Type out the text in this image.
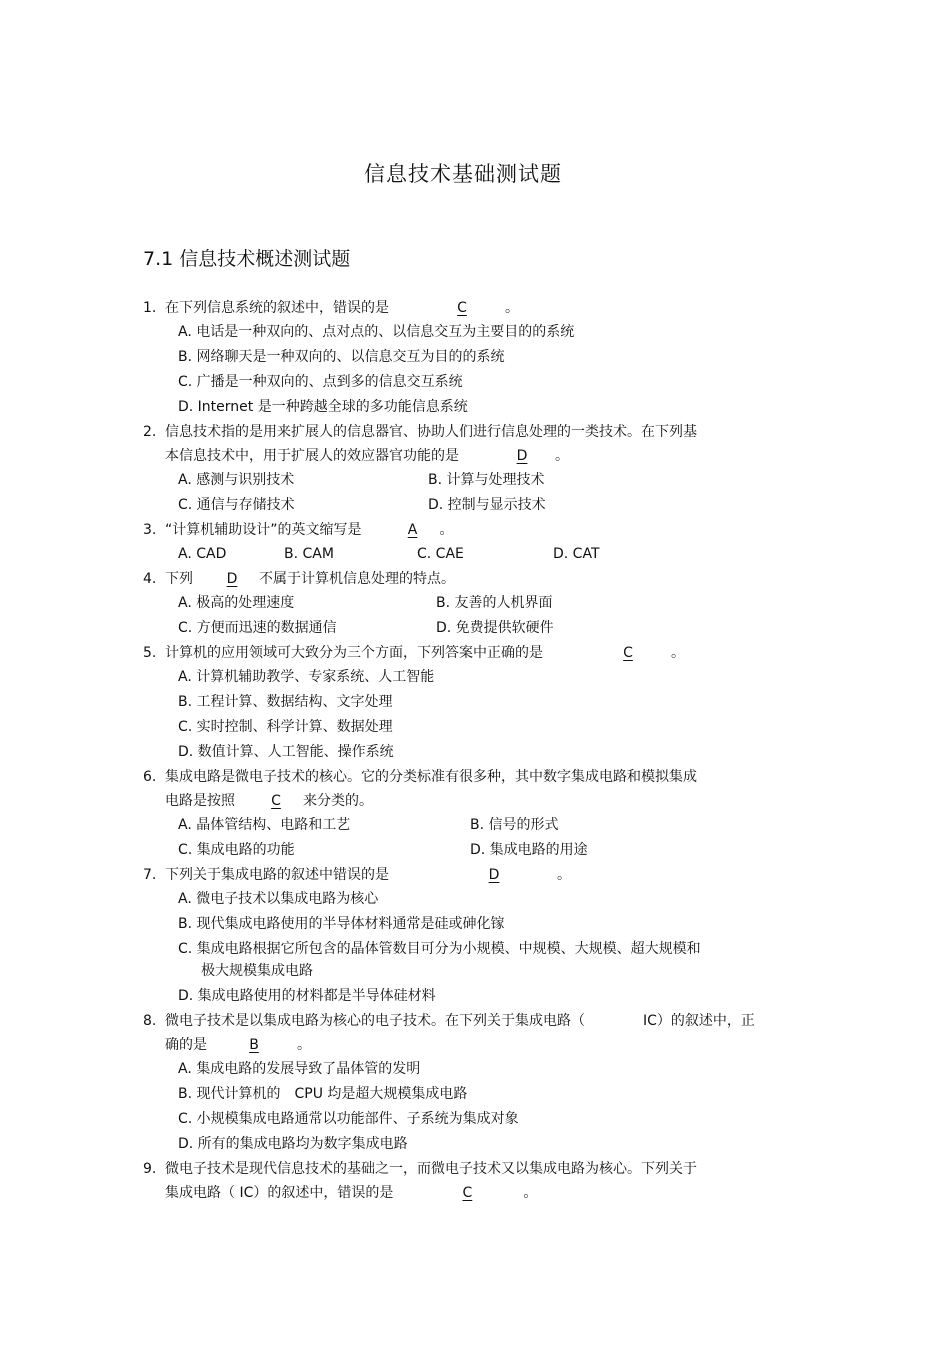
信息技术基础测试题
7.1 信息技术概述测试题
1. 在下列信息系统的叙述中，错误的是	C	。
A. 电话是一种双向的、点对点的、以信息交互为主要目的的系统
B. 网络聊天是一种双向的、以信息交互为目的的系统
C. 广播是一种双向的、点到多的信息交互系统
D. Internet 是一种跨越全球的多功能信息系统
2. 信息技术指的是用来扩展人的信息器官、协助人们进行信息处理的一类技术。在下列基
本信息技术中，用于扩展人的效应器官功能的是	D 。
A. 感测与识别技术	B. 计算与处理技术
C. 通信与存储技术	D. 控制与显示技术
3. “计算机辅助设计”的英文缩写是	A 。
A. CAD	B. CAM	C. CAE	D. CAT
4. 下列 D 不属于计算机信息处理的特点。
A. 极高的处理速度	B. 友善的人机界面
C. 方便而迅速的数据通信	D. 免费提供软硬件
5. 计算机的应用领域可大致分为三个方面，下列答案中正确的是	C	。
A. 计算机辅助教学、专家系统、人工智能
B. 工程计算、数据结构、文字处理
C. 实时控制、科学计算、数据处理
D. 数值计算、人工智能、操作系统
6. 集成电路是微电子技术的核心。它的分类标准有很多种，其中数字集成电路和模拟集成
电路是按照	C 来分类的。
A. 晶体管结构、电路和工艺	B. 信号的形式
C. 集成电路的功能	D. 集成电路的用途
7. 下列关于集成电路的叙述中错误的是	D	。
A. 微电子技术以集成电路为核心
B. 现代集成电路使用的半导体材料通常是硅或砷化镓
C. 集成电路根据它所包含的晶体管数目可分为小规模、中规模、大规模、超大规模和
极大规模集成电路
D. 集成电路使用的材料都是半导体硅材料
8. 微电子技术是以集成电路为核心的电子技术。在下列关于集成电路（	IC）的叙述中，正
确的是	B	。
A. 集成电路的发展导致了晶体管的发明
B. 现代计算机的　CPU 均是超大规模集成电路
C. 小规模集成电路通常以功能部件、子系统为集成对象
D. 所有的集成电路均为数字集成电路
9. 微电子技术是现代信息技术的基础之一，而微电子技术又以集成电路为核心。下列关于
集成电路（ IC）的叙述中，错误的是	C	。
